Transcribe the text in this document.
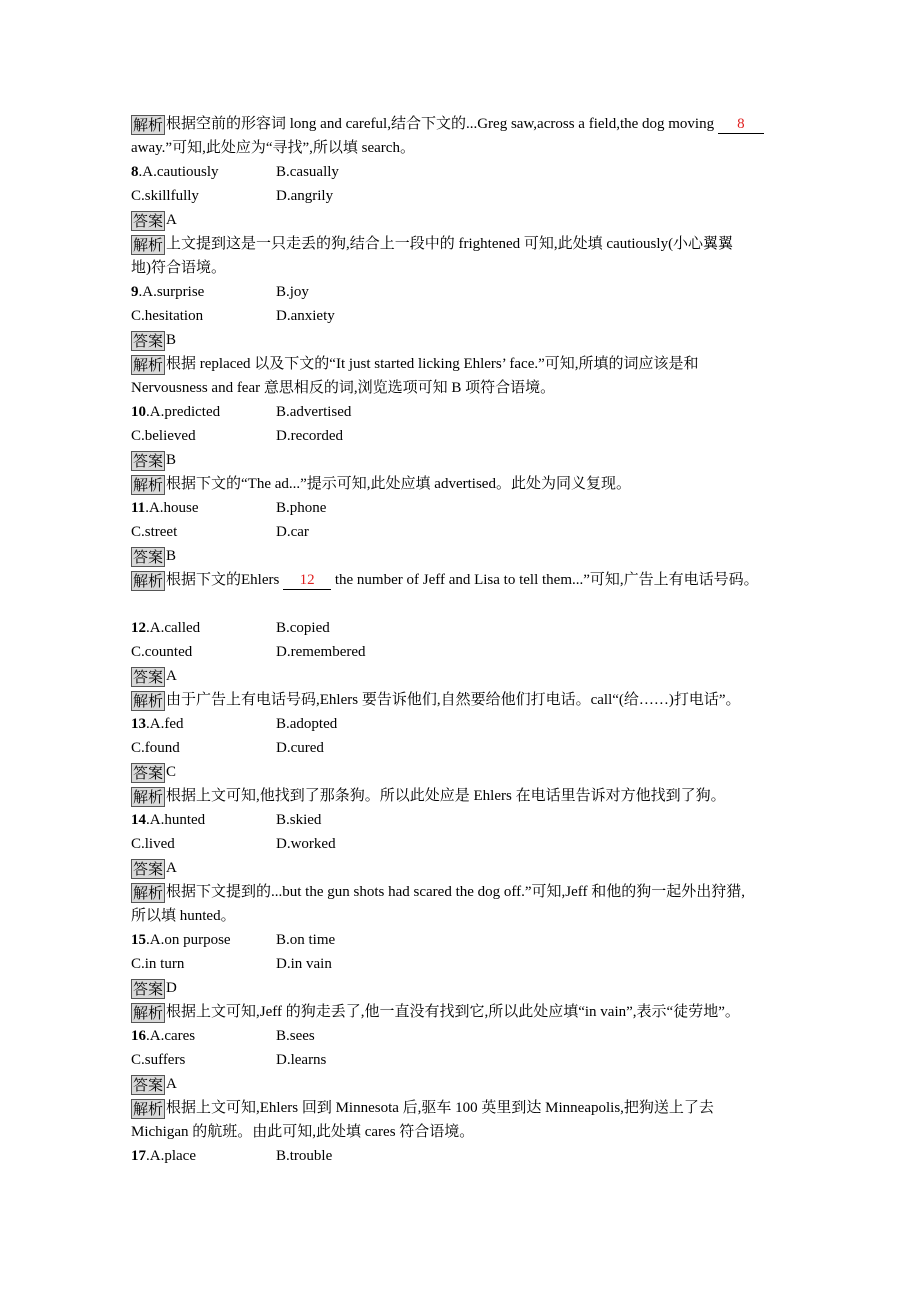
解析 根据空前的形容词 long and careful,结合下文的...Greg saw,across a field,the dog moving 8
away.”可知,此处应为“寻找”,所以填 search。
8.A.cautiously	B.casually
C.skillfully	D.angrily
答案 A
解析 上文提到这是一只走丢的狗,结合上一段中的 frightened 可知,此处填 cautiously(小心翼翼
地)符合语境。
9.A.surprise	B.joy
C.hesitation	D.anxiety
答案 B
解析 根据 replaced 以及下文的“It just started licking Ehlers’ face.”可知,所填的词应该是和
Nervousness and fear 意思相反的词,浏览选项可知 B 项符合语境。
10.A.predicted	B.advertised
C.believed	D.recorded
答案 B
解析 根据下文的“The ad...”提示可知,此处应填 advertised。此处为同义复现。
11.A.house	B.phone
C.street	D.car
答案 B
解析 根据下文的Ehlers 12 the number of Jeff and Lisa to tell them...”可知,广告上有电话号码。
12.A.called	B.copied
C.counted	D.remembered
答案 A
解析 由于广告上有电话号码,Ehlers 要告诉他们,自然要给他们打电话。call“(给……)打电话”。
13.A.fed	B.adopted
C.found	D.cured
答案 C
解析 根据上文可知,他找到了那条狗。所以此处应是 Ehlers 在电话里告诉对方他找到了狗。
14.A.hunted	B.skied
C.lived	D.worked
答案 A
解析 根据下文提到的...but the gun shots had scared the dog off.”可知,Jeff 和他的狗一起外出狩猎,
所以填 hunted。
15.A.on purpose	B.on time
C.in turn	D.in vain
答案 D
解析 根据上文可知,Jeff 的狗走丢了,他一直没有找到它,所以此处应填“in vain”,表示“徒劳地”。
16.A.cares	B.sees
C.suffers	D.learns
答案 A
解析 根据上文可知,Ehlers 回到 Minnesota 后,驱车 100 英里到达 Minneapolis,把狗送上了去
Michigan 的航班。由此可知,此处填 cares 符合语境。
17.A.place	B.trouble
